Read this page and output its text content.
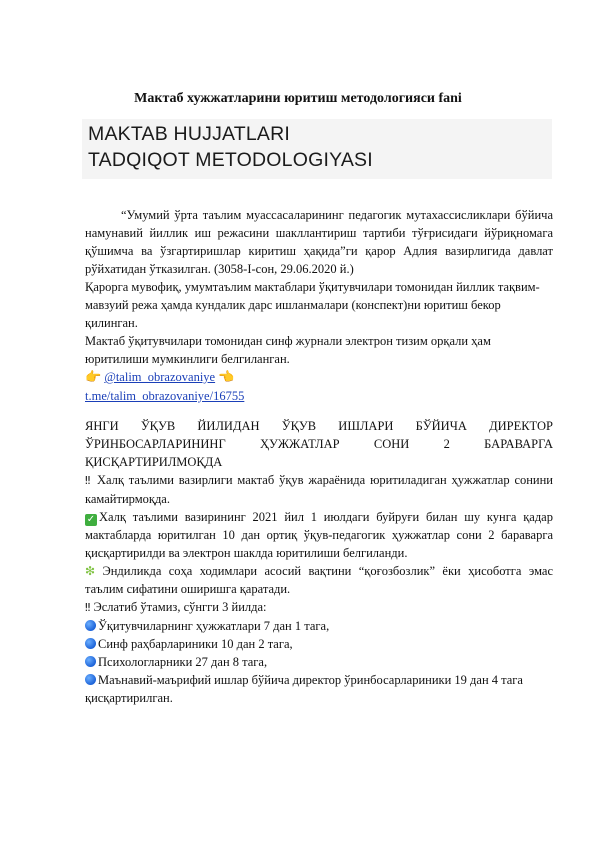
Мактаб хужжатларини юритиш методологияси fani
MAKTAB HUJJATLARI
TADQIQOT METODOLOGIYASI

“Умумий ўрта таълим муассасаларининг педагогик мутахассисликлари бўйича намунавий йиллик иш режасини шакллантириш тартиби тўғрисидаги йўриқномага қўшимча ва ўзгартиришлар киритиш ҳақида”ги қарор Адлия вазирлигида давлат рўйхатидан ўтказилган. (3058-I-сон, 29.06.2020 й.)

Қарорга мувофиқ, умумтаълим мактаблари ўқитувчилари томонидан йиллик тақвим-мавзуий режа ҳамда кундалик дарс ишланмалари (конспект)ни юритиш бекор қилинган.

Мактаб ўқитувчилари томонидан синф журнали электрон тизим орқали ҳам юритилиши мумкинлиги белгиланган.

👉 @talim_obrazovaniye 👈

t.me/talim_obrazovaniye/16755

ЯНГИ ЎҚУВ ЙИЛИДАН ЎҚУВ ИШЛАРИ БЎЙИЧА ДИРЕКТОР ЎРИНБОСАРЛАРИНИНГ ҲУЖЖАТЛАР СОНИ 2 БАРАВАРГА ҚИСҚАРТИРИЛМОҚДА

‼ Халқ таълими вазирлиги мактаб ўқув жараёнида юритиладиган ҳужжатлар сонини камайтирмоқда.

✓ Халқ таълими вазирининг 2021 йил 1 июлдаги буйруғи билан шу кунга қадар мактабларда юритилган 10 дан ортиқ ўқув-педагогик ҳужжатлар сони 2 бараварга қисқартирилди ва электрон шаклда юритилиши белгиланди.

❇ Эндиликда соҳа ходимлари асосий вақтини “қоғозбозлик” ёки ҳисоботга эмас таълим сифатини оширишга қаратади.

‼ Эслатиб ўтамиз, сўнгги 3 йилда:

Ўқитувчиларнинг ҳужжатлари 7 дан 1 тага,

Синф раҳбарлариники 10 дан 2 тага,

Психологларники 27 дан 8 тага,

Маънавий-маърифий ишлар бўйича директор ўринбосарлариники 19 дан 4 тага қисқартирилган.
